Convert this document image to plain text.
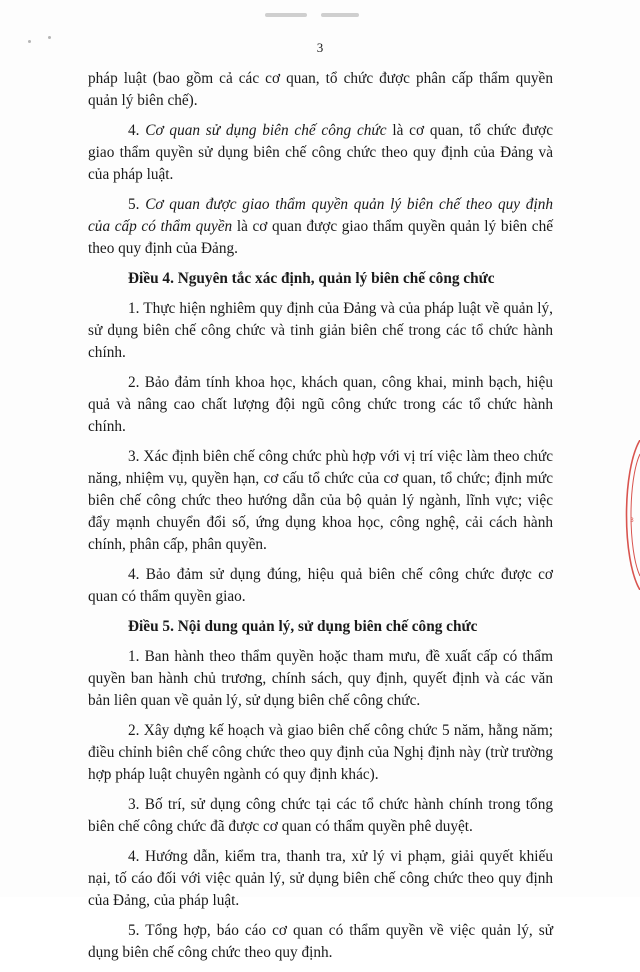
3
3

pháp luật (bao gồm cả các cơ quan, tổ chức được phân cấp thẩm quyền quản lý biên chế).

4. Cơ quan sử dụng biên chế công chức là cơ quan, tổ chức được giao thẩm quyền sử dụng biên chế công chức theo quy định của Đảng và của pháp luật.

5. Cơ quan được giao thẩm quyền quản lý biên chế theo quy định của cấp có thẩm quyền là cơ quan được giao thẩm quyền quản lý biên chế theo quy định của Đảng.

Điều 4. Nguyên tắc xác định, quản lý biên chế công chức

1. Thực hiện nghiêm quy định của Đảng và của pháp luật về quản lý, sử dụng biên chế công chức và tinh giản biên chế trong các tổ chức hành chính.

2. Bảo đảm tính khoa học, khách quan, công khai, minh bạch, hiệu quả và nâng cao chất lượng đội ngũ công chức trong các tổ chức hành chính.

3. Xác định biên chế công chức phù hợp với vị trí việc làm theo chức năng, nhiệm vụ, quyền hạn, cơ cấu tổ chức của cơ quan, tổ chức; định mức biên chế công chức theo hướng dẫn của bộ quản lý ngành, lĩnh vực; việc đẩy mạnh chuyển đổi số, ứng dụng khoa học, công nghệ, cải cách hành chính, phân cấp, phân quyền.

4. Bảo đảm sử dụng đúng, hiệu quả biên chế công chức được cơ quan có thẩm quyền giao.

Điều 5. Nội dung quản lý, sử dụng biên chế công chức

1. Ban hành theo thẩm quyền hoặc tham mưu, đề xuất cấp có thẩm quyền ban hành chủ trương, chính sách, quy định, quyết định và các văn bản liên quan về quản lý, sử dụng biên chế công chức.

2. Xây dựng kế hoạch và giao biên chế công chức 5 năm, hằng năm; điều chỉnh biên chế công chức theo quy định của Nghị định này (trừ trường hợp pháp luật chuyên ngành có quy định khác).

3. Bố trí, sử dụng công chức tại các tổ chức hành chính trong tổng biên chế công chức đã được cơ quan có thẩm quyền phê duyệt.

4. Hướng dẫn, kiểm tra, thanh tra, xử lý vi phạm, giải quyết khiếu nại, tố cáo đối với việc quản lý, sử dụng biên chế công chức theo quy định của Đảng, của pháp luật.

5. Tổng hợp, báo cáo cơ quan có thẩm quyền về việc quản lý, sử dụng biên chế công chức theo quy định.
